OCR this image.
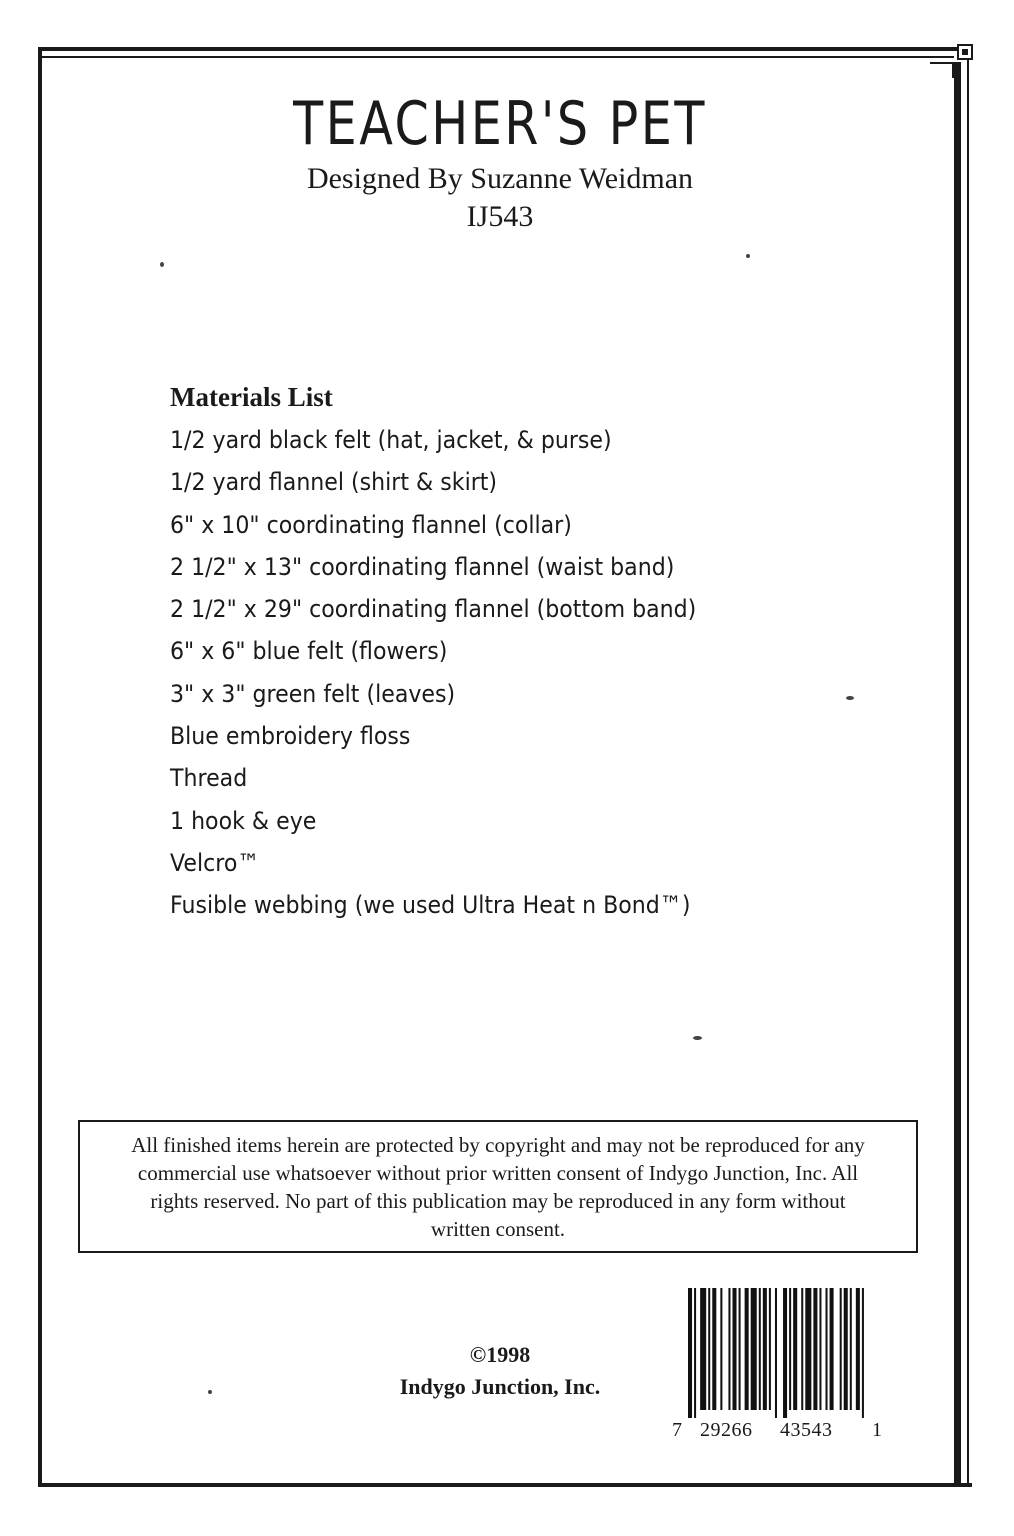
TEACHER'S PET
Designed By Suzanne Weidman
IJ543
Materials List
1/2 yard black felt (hat, jacket, & purse)
1/2 yard flannel (shirt & skirt)
6" x 10" coordinating flannel (collar)
2 1/2" x 13" coordinating flannel (waist band)
2 1/2" x 29" coordinating flannel (bottom band)
6" x 6" blue felt (flowers)
3" x 3" green felt (leaves)
Blue embroidery floss
Thread
1 hook & eye
Velcro™
Fusible webbing (we used Ultra Heat n Bond™)
All finished items herein are protected by copyright and may not be reproduced for any commercial use whatsoever without prior written consent of Indygo Junction, Inc. All rights reserved. No part of this publication may be reproduced in any form without written consent.
©1998
Indygo Junction, Inc.
7 29266 43543 1
